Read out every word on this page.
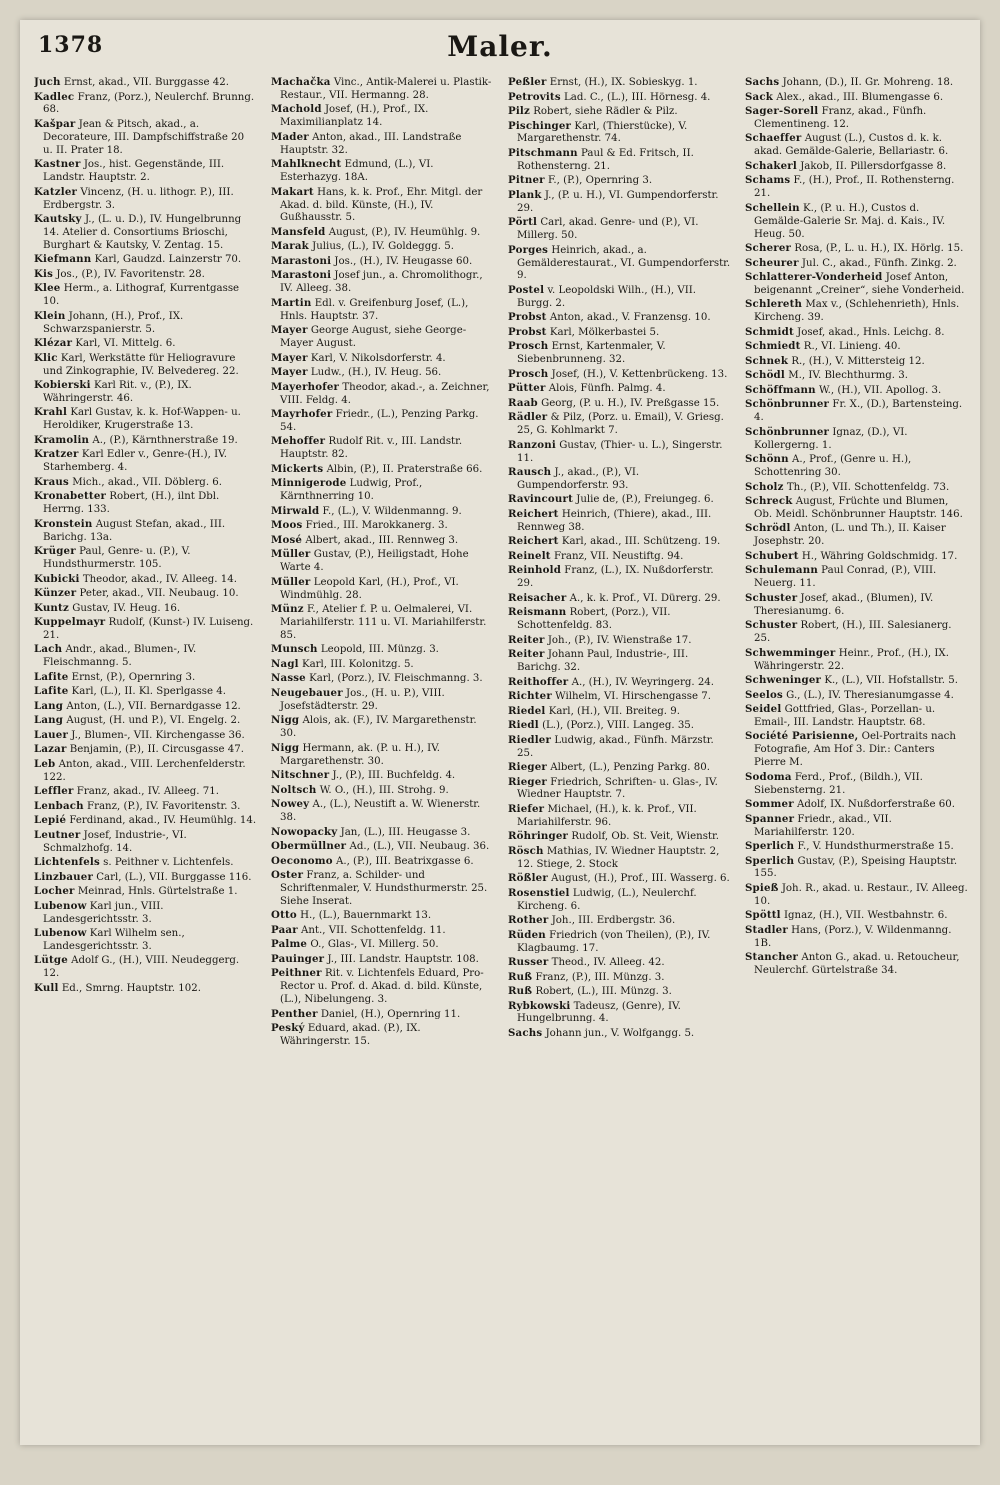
1378	Maler.
Juch Ernst, akad., VII. Burggasse 42.
Kadlec Franz, (Porz.), Neulerchf. Brunng. 68.
Kašpar Jean & Pitsch, akad., a. Decorateure, III. Dampfschiffstraße 20 u. II. Prater 18.
Kastner Jos., hist. Gegenstände, III. Landstr. Hauptstr. 2.
Katzler Vincenz, (H. u. lithogr. P.), III. Erdbergstr. 3.
Kautsky J., (L. u. D.), IV. Hungelbrunng 14. Atelier d. Consortiums Brioschi, Burghart & Kautsky, V. Zentag. 15.
Kiefmann Karl, Gaudzd. Lainzerstr 70.
Kis Jos., (P.), IV. Favoritenstr. 28.
Klee Herm., a. Lithograf, Kurrentgasse 10.
Klein Johann, (H.), Prof., IX. Schwarzspanierstr. 5.
Klézar Karl, VI. Mittelg. 6.
Klic Karl, Werkstätte für Heliogravure und Zinkographie, IV. Belvedereg. 22.
Kobierski Karl Rit. v., (P.), IX. Währingerstr. 46.
Krahl Karl Gustav, k. k. Hof-Wappen- u. Heroldiker, Krugerstraße 13.
Kramolin A., (P.), Kärnthnerstraße 19.
Kratzer Karl Edler v., Genre-(H.), IV. Starhemberg. 4.
Kraus Mich., akad., VII. Döblerg. 6.
Kronabetter Robert, (H.), ilnt Dbl. Herrng. 133.
Kronstein August Stefan, akad., III. Barichg. 13a.
Krüger Paul, Genre- u. (P.), V. Hundsthurmerstr. 105.
Kubicki Theodor, akad., IV. Alleeg. 14.
Künzer Peter, akad., VII. Neubaug. 10.
Kuntz Gustav, IV. Heug. 16.
Kuppelmayr Rudolf, (Kunst-) IV. Luiseng. 21.
Lach Andr., akad., Blumen-, IV. Fleischmanng. 5.
Lafite Ernst, (P.), Opernring 3.
Lafite Karl, (L.), II. Kl. Sperlgasse 4.
Lang Anton, (L.), VII. Bernardgasse 12.
Lang August, (H. und P.), VI. Engelg. 2.
Lauer J., Blumen-, VII. Kirchengasse 36.
Lazar Benjamin, (P.), II. Circusgasse 47.
Leb Anton, akad., VIII. Lerchenfelderstr. 122.
Leffler Franz, akad., IV. Alleeg. 71.
Lenbach Franz, (P.), IV. Favoritenstr. 3.
Lepié Ferdinand, akad., IV. Heumühlg. 14.
Leutner Josef, Industrie-, VI. Schmalzhofg. 14.
Lichtenfels s. Peithner v. Lichtenfels.
Linzbauer Carl, (L.), VII. Burggasse 116.
Locher Meinrad, Hnls. Gürtelstraße 1.
Lubenow Karl jun., VIII. Landesgerichtsstr. 3.
Lubenow Karl Wilhelm sen., Landesgerichtsstr. 3.
Lütge Adolf G., (H.), VIII. Neudeggerg. 12.
Kull Ed., Smrng. Hauptstr. 102.
Machačka Vinc., Antik-Malerei u. Plastik-Restaur., VII. Hermanng. 28.
Machold Josef, (H.), Prof., IX. Maximilianplatz 14.
Mader Anton, akad., III. Landstraße Hauptstr. 32.
Mahlknecht Edmund, (L.), VI. Esterhazyg. 18A.
Makart Hans, k. k. Prof., Ehr. Mitgl. der Akad. d. bild. Künste, (H.), IV. Gußhausstr. 5.
Mansfeld August, (P.), IV. Heumühlg. 9.
Marak Julius, (L.), IV. Goldeggg. 5.
Marastoni Jos., (H.), IV. Heugasse 60.
Marastoni Josef jun., a. Chromolithogr., IV. Alleeg. 38.
Martin Edl. v. Greifenburg Josef, (L.), Hnls. Hauptstr. 37.
Mayer George August, siehe George-Mayer August.
Mayer Karl, V. Nikolsdorferstr. 4.
Mayer Ludw., (H.), IV. Heug. 56.
Mayerhofer Theodor, akad.-, a. Zeichner, VIII. Feldg. 4.
Mayrhofer Friedr., (L.), Penzing Parkg. 54.
Mehoffer Rudolf Rit. v., III. Landstr. Hauptstr. 82.
Mickerts Albin, (P.), II. Praterstraße 66.
Minnigerode Ludwig, Prof., Kärnthnerring 10.
Mirwald F., (L.), V. Wildenmanng. 9.
Moos Fried., III. Marokkanerg. 3.
Mosé Albert, akad., III. Rennweg 3.
Müller Gustav, (P.), Heiligstadt, Hohe Warte 4.
Müller Leopold Karl, (H.), Prof., VI. Windmühlg. 28.
Münz F., Atelier f. P. u. Oelmalerei, VI. Mariahilferstr. 111 u. VI. Mariahilferstr. 85.
Munsch Leopold, III. Münzg. 3.
Nagl Karl, III. Kolonitzg. 5.
Nasse Karl, (Porz.), IV. Fleischmanng. 3.
Neugebauer Jos., (H. u. P.), VIII. Josefstädterstr. 29.
Nigg Alois, ak. (F.), IV. Margarethenstr. 30.
Nigg Hermann, ak. (P. u. H.), IV. Margarethenstr. 30.
Nitschner J., (P.), III. Buchfeldg. 4.
Noltsch W. O., (H.), III. Strohg. 9.
Nowey A., (L.), Neustift a. W. Wienerstr. 38.
Nowopacky Jan, (L.), III. Heugasse 3.
Obermüllner Ad., (L.), VII. Neubaug. 36.
Oeconomo A., (P.), III. Beatrixgasse 6.
Oster Franz, a. Schilder- und Schriftenmaler, V. Hundsthurmerstr. 25. Siehe Inserat.
Otto H., (L.), Bauernmarkt 13.
Paar Ant., VII. Schottenfeldg. 11.
Palme O., Glas-, VI. Millerg. 50.
Pauinger J., III. Landstr. Hauptstr. 108.
Peithner Rit. v. Lichtenfels Eduard, Pro-Rector u. Prof. d. Akad. d. bild. Künste, (L.), Nibelungeng. 3.
Penther Daniel, (H.), Opernring 11.
Peský Eduard, akad. (P.), IX. Währingerstr. 15.
Peßler Ernst, (H.), IX. Sobieskyg. 1.
Petrovits Lad. C., (L.), III. Hörnesg. 4.
Pilz Robert, siehe Rädler & Pilz.
Pischinger Karl, (Thierstücke), V. Margarethenstr. 74.
Pitschmann Paul & Ed. Fritsch, II. Rothensterng. 21.
Pitner F., (P.), Opernring 3.
Plank J., (P. u. H.), VI. Gumpendorferstr. 29.
Pörtl Carl, akad. Genre- und (P.), VI. Millerg. 50.
Porges Heinrich, akad., a. Gemälderestaurat., VI. Gumpendorferstr. 9.
Postel v. Leopoldski Wilh., (H.), VII. Burgg. 2.
Probst Anton, akad., V. Franzensg. 10.
Probst Karl, Mölkerbastei 5.
Prosch Ernst, Kartenmaler, V. Siebenbrunneng. 32.
Prosch Josef, (H.), V. Kettenbrückeng. 13.
Pütter Alois, Fünfh. Palmg. 4.
Raab Georg, (P. u. H.), IV. Preßgasse 15.
Rädler & Pilz, (Porz. u. Email), V. Griesg. 25, G. Kohlmarkt 7.
Ranzoni Gustav, (Thier- u. L.), Singerstr. 11.
Rausch J., akad., (P.), VI. Gumpendorferstr. 93.
Ravincourt Julie de, (P.), Freiungeg. 6.
Reichert Heinrich, (Thiere), akad., III. Rennweg 38.
Reichert Karl, akad., III. Schützeng. 19.
Reinelt Franz, VII. Neustiftg. 94.
Reinhold Franz, (L.), IX. Nußdorferstr. 29.
Reisacher A., k. k. Prof., VI. Dürerg. 29.
Reismann Robert, (Porz.), VII. Schottenfeldg. 83.
Reiter Joh., (P.), IV. Wienstraße 17.
Reiter Johann Paul, Industrie-, III. Barichg. 32.
Reithoffer A., (H.), IV. Weyringerg. 24.
Richter Wilhelm, VI. Hirschengasse 7.
Riedel Karl, (H.), VII. Breiteg. 9.
Riedl (L.), (Porz.), VIII. Langeg. 35.
Riedler Ludwig, akad., Fünfh. Märzstr. 25.
Rieger Albert, (L.), Penzing Parkg. 80.
Rieger Friedrich, Schriften- u. Glas-, IV. Wiedner Hauptstr. 7.
Riefer Michael, (H.), k. k. Prof., VII. Mariahilferstr. 96.
Röhringer Rudolf, Ob. St. Veit, Wienstr.
Rösch Mathias, IV. Wiedner Hauptstr. 2, 12. Stiege, 2. Stock
Rößler August, (H.), Prof., III. Wasserg. 6.
Rosenstiel Ludwig, (L.), Neulerchf. Kircheng. 6.
Rother Joh., III. Erdbergstr. 36.
Rüden Friedrich (von Theilen), (P.), IV. Klagbaumg. 17.
Russer Theod., IV. Alleeg. 42.
Ruß Franz, (P.), III. Münzg. 3.
Ruß Robert, (L.), III. Münzg. 3.
Rybkowski Tadeusz, (Genre), IV. Hungelbrunng. 4.
Sachs Johann jun., V. Wolfgangg. 5.
Sachs Johann, (D.), II. Gr. Mohreng. 18.
Sack Alex., akad., III. Blumengasse 6.
Sager-Sorell Franz, akad., Fünfh. Clementineng. 12.
Schaeffer August (L.), Custos d. k. k. akad. Gemälde-Galerie, Bellariastr. 6.
Schakerl Jakob, II. Pillersdorfgasse 8.
Schams F., (H.), Prof., II. Rothensterng. 21.
Schellein K., (P. u. H.), Custos d. Gemälde-Galerie Sr. Maj. d. Kais., IV. Heug. 50.
Scherer Rosa, (P., L. u. H.), IX. Hörlg. 15.
Scheurer Jul. C., akad., Fünfh. Zinkg. 2.
Schlatterer-Vonderheid Josef Anton, beigenannt „Creiner“, siehe Vonderheid.
Schlereth Max v., (Schlehenrieth), Hnls. Kircheng. 39.
Schmidt Josef, akad., Hnls. Leichg. 8.
Schmiedt R., VI. Linieng. 40.
Schnek R., (H.), V. Mittersteig 12.
Schödl M., IV. Blechthurmg. 3.
Schöffmann W., (H.), VII. Apollog. 3.
Schönbrunner Fr. X., (D.), Bartensteing. 4.
Schönbrunner Ignaz, (D.), VI. Kollergerng. 1.
Schönn A., Prof., (Genre u. H.), Schottenring 30.
Scholz Th., (P.), VII. Schottenfeldg. 73.
Schreck August, Früchte und Blumen, Ob. Meidl. Schönbrunner Hauptstr. 146.
Schrödl Anton, (L. und Th.), II. Kaiser Josephstr. 20.
Schubert H., Währing Goldschmidg. 17.
Schulemann Paul Conrad, (P.), VIII. Neuerg. 11.
Schuster Josef, akad., (Blumen), IV. Theresianumg. 6.
Schuster Robert, (H.), III. Salesianerg. 25.
Schwemminger Heinr., Prof., (H.), IX. Währingerstr. 22.
Schweninger K., (L.), VII. Hofstallstr. 5.
Seelos G., (L.), IV. Theresianumgasse 4.
Seidel Gottfried, Glas-, Porzellan- u. Email-, III. Landstr. Hauptstr. 68.
Société Parisienne, Oel-Portraits nach Fotografie, Am Hof 3. Dir.: Canters Pierre M.
Sodoma Ferd., Prof., (Bildh.), VII. Siebensterng. 21.
Sommer Adolf, IX. Nußdorferstraße 60.
Spanner Friedr., akad., VII. Mariahilferstr. 120.
Sperlich F., V. Hundsthurmerstraße 15.
Sperlich Gustav, (P.), Speising Hauptstr. 155.
Spieß Joh. R., akad. u. Restaur., IV. Alleeg. 10.
Spöttl Ignaz, (H.), VII. Westbahnstr. 6.
Stadler Hans, (Porz.), V. Wildenmanng. 1B.
Stancher Anton G., akad. u. Retoucheur, Neulerchf. Gürtelstraße 34.
